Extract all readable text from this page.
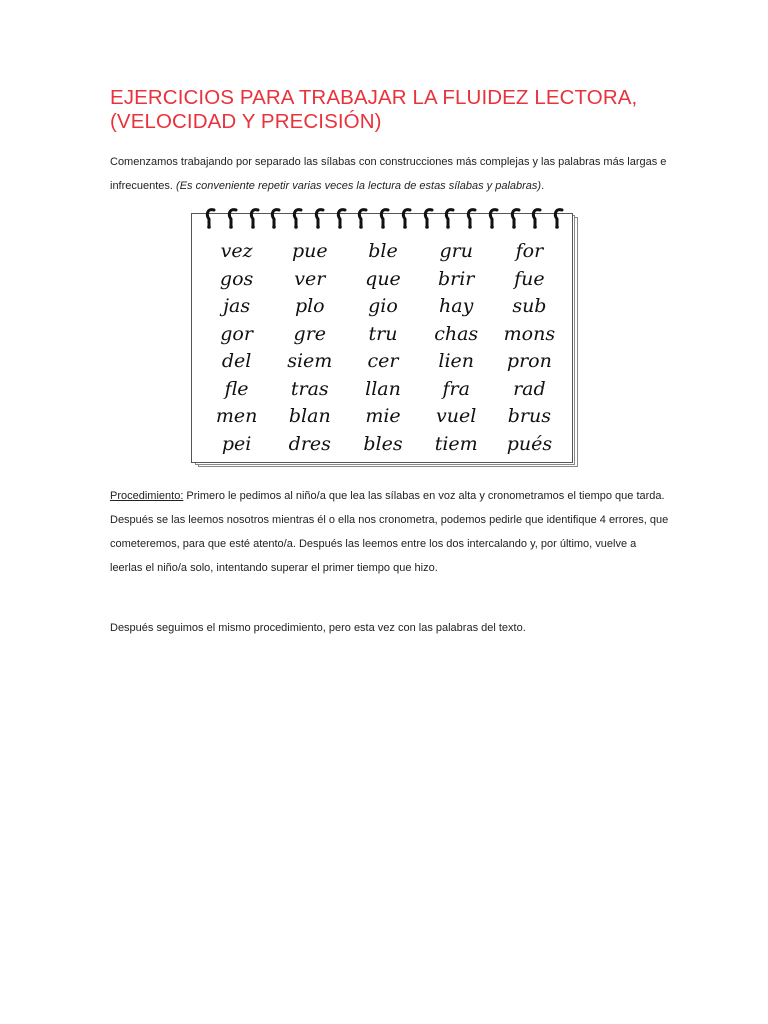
EJERCICIOS PARA TRABAJAR LA FLUIDEZ LECTORA,
(VELOCIDAD Y PRECISIÓN)

Comenzamos trabajando por separado las sílabas con construcciones más complejas y las palabras más largas e infrecuentes. (Es conveniente repetir varias veces la lectura de estas sílabas y palabras).

vez	pue	ble	gru	for
gos	ver	que	brir	fue
jas	plo	gio	hay	sub
gor	gre	tru	chas	mons
del	siem	cer	lien	pron
fle	tras	llan	fra	rad
men	blan	mie	vuel	brus
pei	dres	bles	tiem	pués

Procedimiento: Primero le pedimos al niño/a que lea las sílabas en voz alta y cronometramos el tiempo que tarda.

Después se las leemos nosotros mientras él o ella nos cronometra, podemos pedirle que identifique 4 errores, que cometeremos, para que esté atento/a. Después las leemos entre los dos intercalando y, por último, vuelve a leerlas el niño/a solo, intentando superar el primer tiempo que hizo.

Después seguimos el mismo procedimiento, pero esta vez con las palabras del texto.
